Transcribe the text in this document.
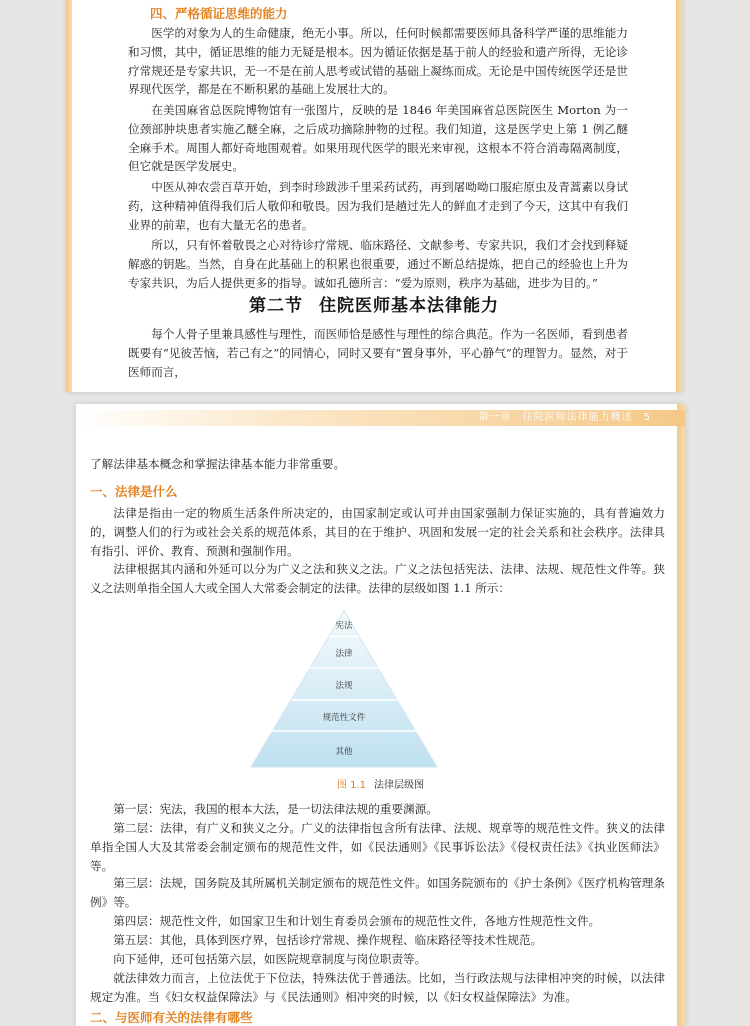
四、严格循证思维的能力

医学的对象为人的生命健康，绝无小事。所以，任何时候都需要医师具备科学严谨的思维能力和习惯，其中，循证思维的能力无疑是根本。因为循证依据是基于前人的经验和遗产所得，无论诊疗常规还是专家共识，无一不是在前人思考或试错的基础上凝练而成。无论是中国传统医学还是世界现代医学，都是在不断积累的基础上发展壮大的。

在美国麻省总医院博物馆有一张图片，反映的是 1846 年美国麻省总医院医生 Morton 为一位颈部肿块患者实施乙醚全麻，之后成功摘除肿物的过程。我们知道，这是医学史上第 1 例乙醚全麻手术。周围人都好奇地围观着。如果用现代医学的眼光来审视，这根本不符合消毒隔离制度，但它就是医学发展史。

中医从神农尝百草开始，到李时珍跋涉千里采药试药，再到屠呦呦口服疟原虫及青蒿素以身试药，这种精神值得我们后人敬仰和敬畏。因为我们是趟过先人的鲜血才走到了今天，这其中有我们业界的前辈，也有大量无名的患者。

所以，只有怀着敬畏之心对待诊疗常规、临床路径、文献参考、专家共识，我们才会找到释疑解惑的钥匙。当然，自身在此基础上的积累也很重要，通过不断总结提炼，把自己的经验也上升为专家共识，为后人提供更多的指导。诚如孔德所言：“爱为原则，秩序为基础，进步为目的。”

第二节 住院医师基本法律能力

每个人骨子里兼具感性与理性，而医师恰是感性与理性的综合典范。作为一名医师，看到患者既要有“见彼苦恼，若己有之”的同情心，同时又要有“置身事外，平心静气”的理智力。显然，对于医师而言，

第一章　住院医师法律能力概述　5

了解法律基本概念和掌握法律基本能力非常重要。

一、法律是什么

法律是指由一定的物质生活条件所决定的，由国家制定或认可并由国家强制力保证实施的，具有普遍效力的，调整人们的行为或社会关系的规范体系，其目的在于维护、巩固和发展一定的社会关系和社会秩序。法律具有指引、评价、教育、预测和强制作用。

法律根据其内涵和外延可以分为广义之法和狭义之法。广义之法包括宪法、法律、法规、规范性文件等。狭义之法则单指全国人大或全国人大常委会制定的法律。法律的层级如图 1.1 所示：

宪法
法律
法规
规范性文件
其他
图 1.1 法律层级图

第一层：宪法，我国的根本大法，是一切法律法规的重要渊源。

第二层：法律，有广义和狭义之分。广义的法律指包含所有法律、法规、规章等的规范性文件。狭义的法律单指全国人大及其常委会制定颁布的规范性文件，如《民法通则》《民事诉讼法》《侵权责任法》《执业医师法》等。

第三层：法规，国务院及其所属机关制定颁布的规范性文件。如国务院颁布的《护士条例》《医疗机构管理条例》等。

第四层：规范性文件，如国家卫生和计划生育委员会颁布的规范性文件，各地方性规范性文件。

第五层：其他，具体到医疗界，包括诊疗常规、操作规程、临床路径等技术性规范。

向下延伸，还可包括第六层，如医院规章制度与岗位职责等。

就法律效力而言，上位法优于下位法，特殊法优于普通法。比如，当行政法规与法律相冲突的时候，以法律规定为准。当《妇女权益保障法》与《民法通则》相冲突的时候，以《妇女权益保障法》为准。

二、与医师有关的法律有哪些
